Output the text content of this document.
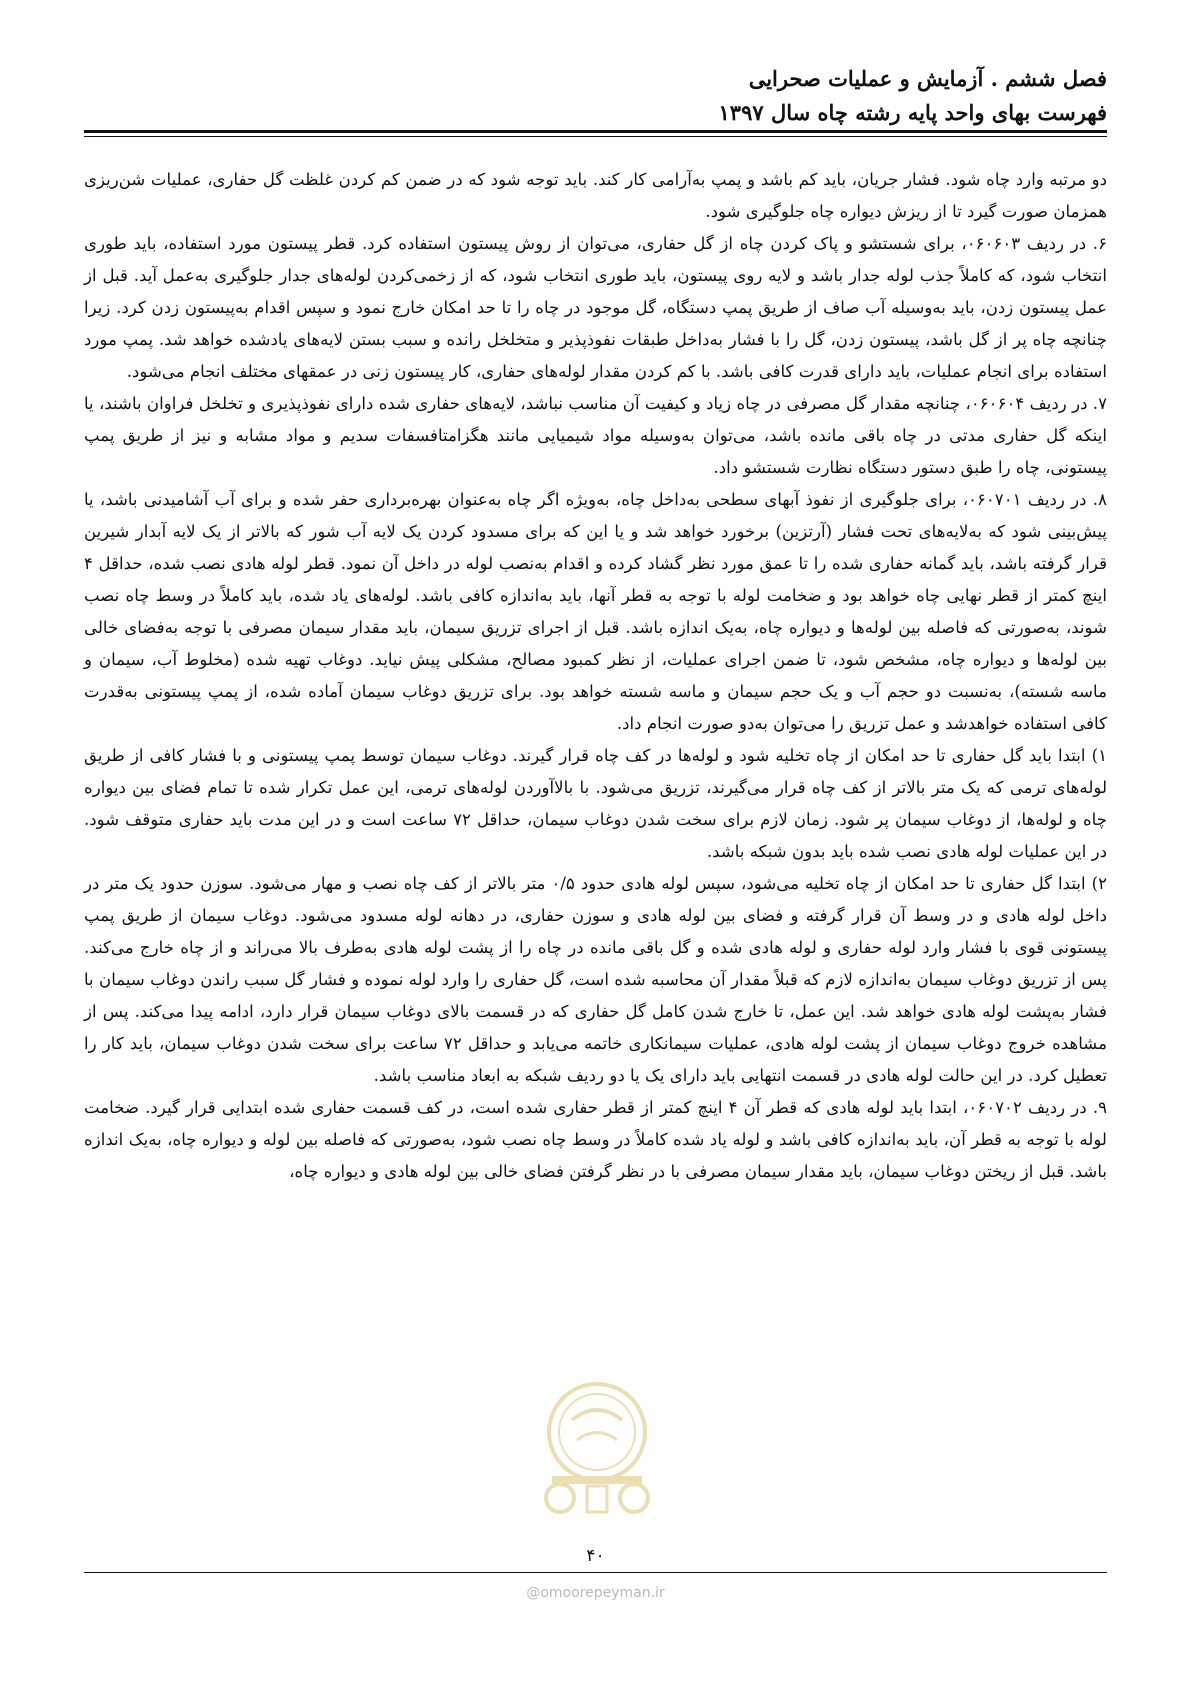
فصل ششم . آزمایش و عملیات صحرایی
فهرست بهای واحد پایه رشته چاه سال ۱۳۹۷

دو مرتبه وارد چاه شود. فشار جریان، باید کم باشد و پمپ به‌آرامی کار کند. باید توجه شود که در ضمن کم کردن غلظت گل حفاری، عملیات شن‌ریزی همزمان صورت گیرد تا از ریزش دیواره چاه جلوگیری شود.

۶. در ردیف ۰۶۰۶۰۳، برای شستشو و پاک کردن چاه از گل حفاری، می‌توان از روش پیستون استفاده کرد. قطر پیستون مورد استفاده، باید طوری انتخاب شود، که کاملاً جذب لوله جدار باشد و لایه روی پیستون، باید طوری انتخاب شود، که از زخمی‌کردن لوله‌های جدار جلوگیری به‌عمل آید. قبل از عمل پیستون زدن، باید به‌وسیله آب صاف از طریق پمپ دستگاه، گل موجود در چاه را تا حد امکان خارج نمود و سپس اقدام به‌پیستون زدن کرد. زیرا چنانچه چاه پر از گل باشد، پیستون زدن، گل را با فشار به‌داخل طبقات نفوذپذیر و متخلخل رانده و سبب بستن لایه‌های یادشده خواهد شد. پمپ مورد استفاده برای انجام عملیات، باید دارای قدرت کافی باشد. با کم کردن مقدار لوله‌های حفاری، کار پیستون زنی در عمقهای مختلف انجام می‌شود.

۷. در ردیف ۰۶۰۶۰۴، چنانچه مقدار گل مصرفی در چاه زیاد و کیفیت آن مناسب نباشد، لایه‌های حفاری شده دارای نفوذپذیری و تخلخل فراوان باشند، یا اینکه گل حفاری مدتی در چاه باقی مانده باشد، می‌توان به‌وسیله مواد شیمیایی مانند هگزامتافسفات سدیم و مواد مشابه و نیز از طریق پمپ پیستونی، چاه را طبق دستور دستگاه نظارت شستشو داد.

۸. در ردیف ۰۶۰۷۰۱، برای جلوگیری از نفوذ آبهای سطحی به‌داخل چاه، به‌ویژه اگر چاه به‌عنوان بهره‌برداری حفر شده و برای آب آشامیدنی باشد، یا پیش‌بینی شود که به‌لایه‌های تحت فشار (آرتزین) برخورد خواهد شد و یا این که برای مسدود کردن یک لایه آب شور که بالاتر از یک لایه آبدار شیرین قرار گرفته باشد، باید گمانه حفاری شده را تا عمق مورد نظر گشاد کرده و اقدام به‌نصب لوله در داخل آن نمود. قطر لوله هادی نصب شده، حداقل ۴ اینچ کمتر از قطر نهایی چاه خواهد بود و ضخامت لوله با توجه به قطر آنها، باید به‌اندازه کافی باشد. لوله‌های یاد شده، باید کاملاً در وسط چاه نصب شوند، به‌صورتی که فاصله بین لوله‌ها و دیواره چاه، به‌یک اندازه باشد. قبل از اجرای تزریق سیمان، باید مقدار سیمان مصرفی با توجه به‌فضای خالی بین لوله‌ها و دیواره چاه، مشخص شود، تا ضمن اجرای عملیات، از نظر کمبود مصالح، مشکلی پیش نیاید. دوغاب تهیه شده (مخلوط آب، سیمان و ماسه شسته)، به‌نسبت دو حجم آب و یک حجم سیمان و ماسه شسته خواهد بود. برای تزریق دوغاب سیمان آماده شده، از پمپ پیستونی به‌قدرت کافی استفاده خواهدشد و عمل تزریق را می‌توان به‌دو صورت انجام داد.

۱) ابتدا باید گل حفاری تا حد امکان از چاه تخلیه شود و لوله‌ها در کف چاه قرار گیرند. دوغاب سیمان توسط پمپ پیستونی و با فشار کافی از طریق لوله‌های ترمی که یک متر بالاتر از کف چاه قرار می‌گیرند، تزریق می‌شود. با بالاآوردن لوله‌های ترمی، این عمل تکرار شده تا تمام فضای بین دیواره چاه و لوله‌ها، از دوغاب سیمان پر شود. زمان لازم برای سخت شدن دوغاب سیمان، حداقل ۷۲ ساعت است و در این مدت باید حفاری متوقف شود. در این عملیات لوله هادی نصب شده باید بدون شبکه باشد.

۲) ابتدا گل حفاری تا حد امکان از چاه تخلیه می‌شود، سپس لوله هادی حدود ۰/۵ متر بالاتر از کف چاه نصب و مهار می‌شود. سوزن حدود یک متر در داخل لوله هادی و در وسط آن قرار گرفته و فضای بین لوله هادی و سوزن حفاری، در دهانه لوله مسدود می‌شود. دوغاب سیمان از طریق پمپ پیستونی قوی با فشار وارد لوله حفاری و لوله هادی شده و گل باقی مانده در چاه را از پشت لوله هادی به‌طرف بالا می‌راند و از چاه خارج می‌کند. پس از تزریق دوغاب سیمان به‌اندازه لازم که قبلاً مقدار آن محاسبه شده است، گل حفاری را وارد لوله نموده و فشار گل سبب راندن دوغاب سیمان با فشار به‌پشت لوله هادی خواهد شد. این عمل، تا خارج شدن کامل گل حفاری که در قسمت بالای دوغاب سیمان قرار دارد، ادامه پیدا می‌کند. پس از مشاهده خروج دوغاب سیمان از پشت لوله هادی، عملیات سیمانکاری خاتمه می‌یابد و حداقل ۷۲ ساعت برای سخت شدن دوغاب سیمان، باید کار را تعطیل کرد. در این حالت لوله هادی در قسمت انتهایی باید دارای یک یا دو ردیف شبکه به ابعاد مناسب باشد.

۹. در ردیف ۰۶۰۷۰۲، ابتدا باید لوله هادی که قطر آن ۴ اینچ کمتر از قطر حفاری شده است، در کف قسمت حفاری شده ابتدایی قرار گیرد. ضخامت لوله با توجه به قطر آن، باید به‌اندازه کافی باشد و لوله یاد شده کاملاً در وسط چاه نصب شود، به‌صورتی که فاصله بین لوله و دیواره چاه، به‌یک اندازه باشد. قبل از ریختن دوغاب سیمان، باید مقدار سیمان مصرفی با در نظر گرفتن فضای خالی بین لوله هادی و دیواره چاه،

۴۰
@omoorepeyman.ir
